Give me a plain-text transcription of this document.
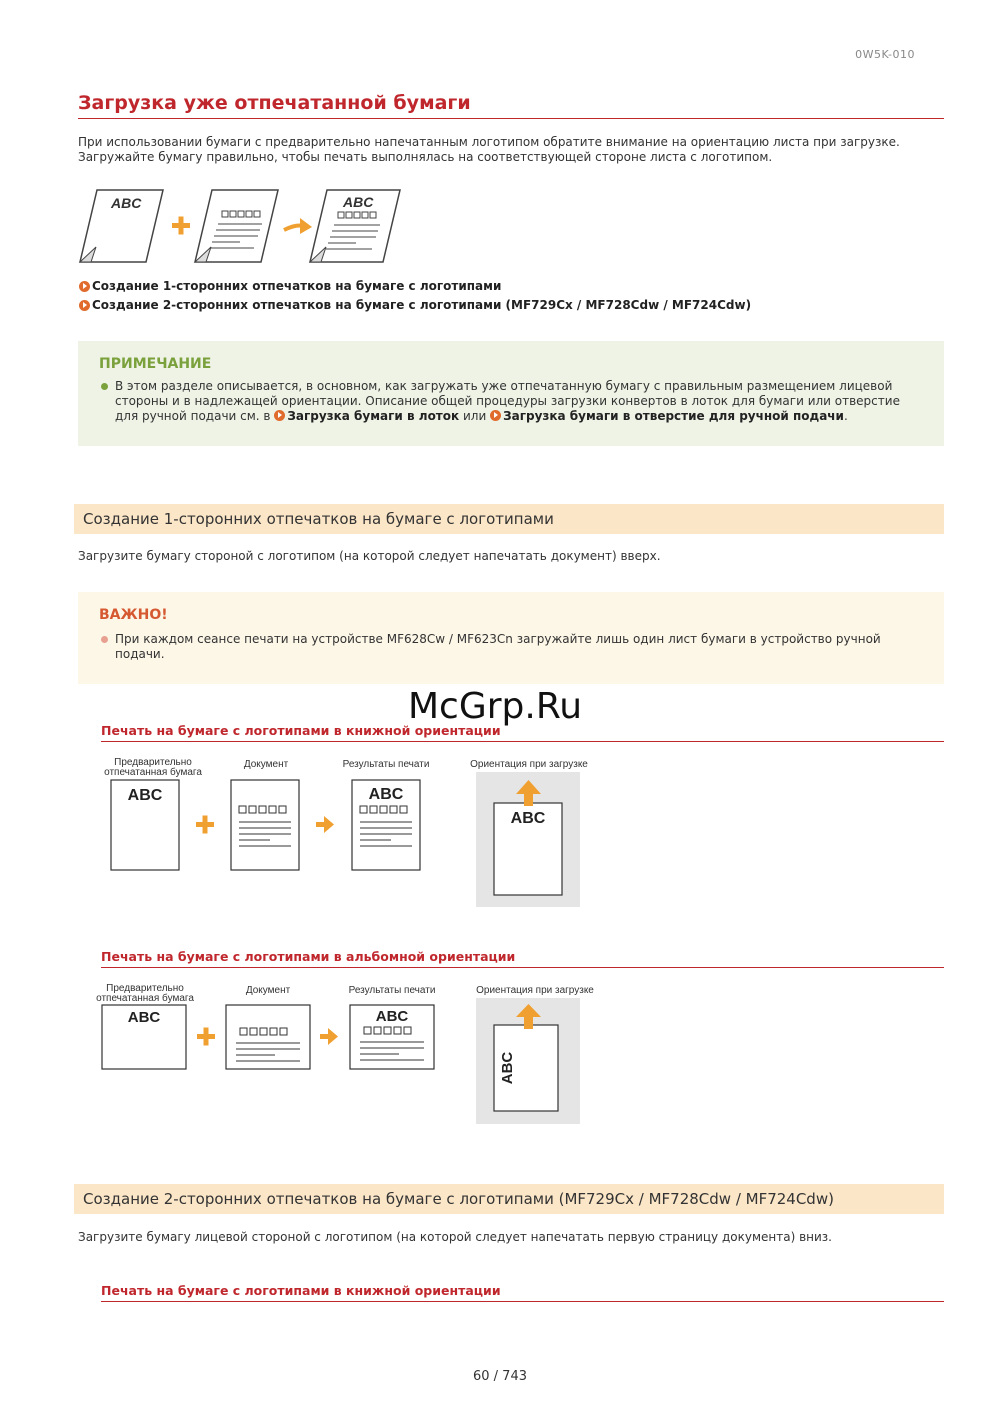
0W5K-010
Загрузка уже отпечатанной бумаги

При использовании бумаги с предварительно напечатанным логотипом обратите внимание на ориентацию листа при загрузке.

Загружайте бумагу правильно, чтобы печать выполнялась на соответствующей стороне листа с логотипом.

ABC	ABC
Создание 1-сторонних отпечатков на бумаге с логотипами
Создание 2-сторонних отпечатков на бумаге с логотипами (MF729Cx / MF728Cdw / MF724Cdw)
ПРИМЕЧАНИЕ

В этом разделе описывается, в основном, как загружать уже отпечатанную бумагу с правильным размещением лицевой

стороны и в надлежащей ориентации. Описание общей процедуры загрузки конвертов в лоток для бумаги или отверстие

для ручной подачи см. в Загрузка бумаги в лоток или Загрузка бумаги в отверстие для ручной подачи.

Создание 1-сторонних отпечатков на бумаге с логотипами

Загрузите бумагу стороной с логотипом (на которой следует напечатать документ) вверх.

ВАЖНО!

При каждом сеансе печати на устройстве MF628Cw / MF623Cn загружайте лишь один лист бумаги в устройство ручной

подачи.

Печать на бумаге с логотипами в книжной ориентации
Предварительно
отпечатанная бумага
Документ	Результаты печати	Ориентация при загрузке
ABC	ABC
ABC
McGrp.Ru
Печать на бумаге с логотипами в альбомной ориентации
Предварительно
отпечатанная бумага
Документ	Результаты печати	Ориентация при загрузке
ABC	ABC
ABC
Создание 2-сторонних отпечатков на бумаге с логотипами (MF729Cx / MF728Cdw / MF724Cdw)

Загрузите бумагу лицевой стороной с логотипом (на которой следует напечатать первую страницу документа) вниз.

Печать на бумаге с логотипами в книжной ориентации
60 / 743
